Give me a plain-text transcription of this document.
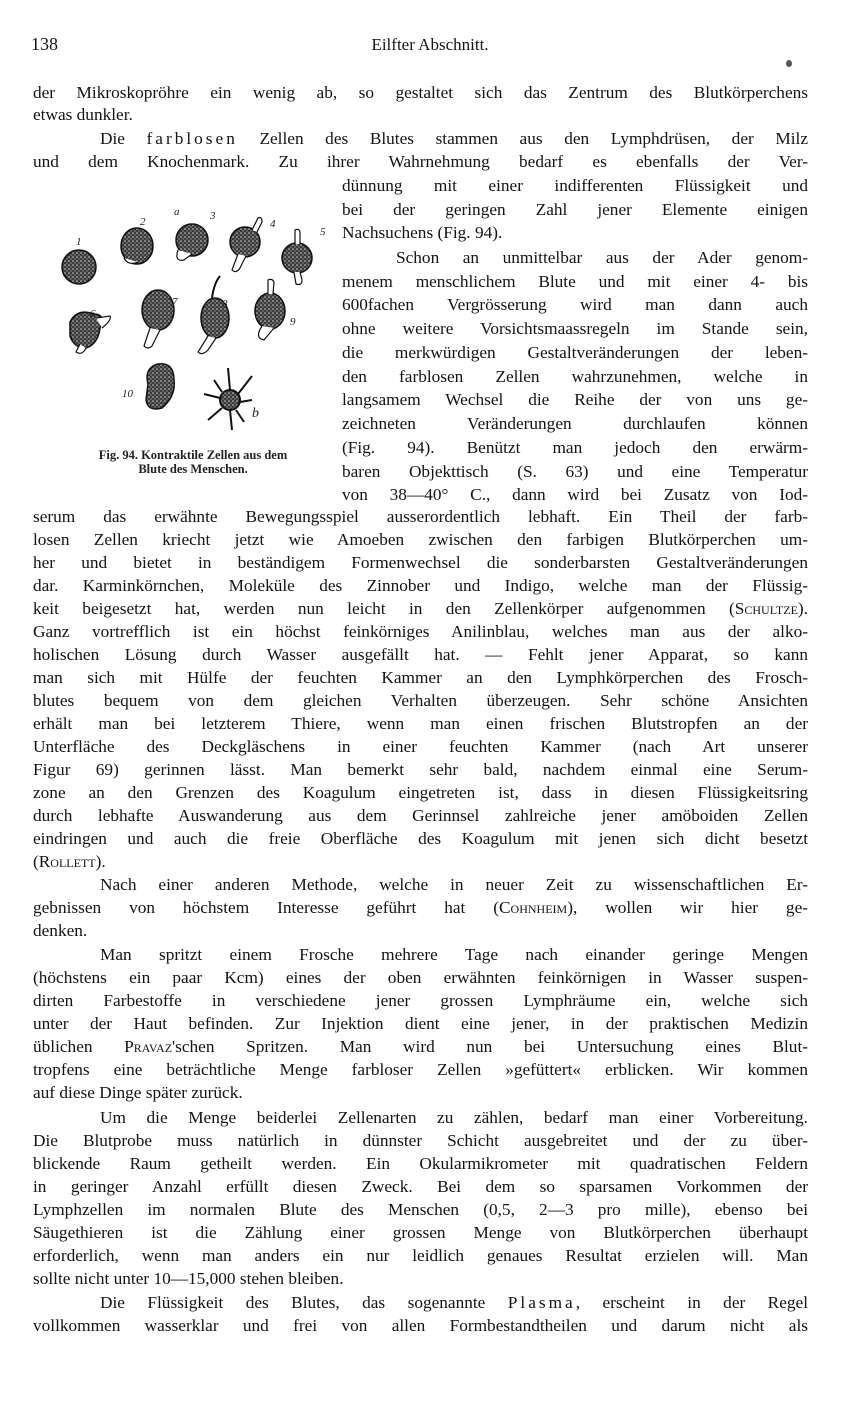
138	Eilfter Abschnitt.
der Mikroskopröhre ein wenig ab, so gestaltet sich das Zentrum des Blutkörperchens
etwas dunkler.
Die farblosen Zellen des Blutes stammen aus den Lymphdrüsen, der Milz
und dem Knochenmark. Zu ihrer Wahrnehmung bedarf es ebenfalls der Ver-
dünnung mit einer indifferenten Flüssigkeit und
bei der geringen Zahl jener Elemente einigen
Nachsuchens (Fig. 94).
Schon an unmittelbar aus der Ader genom-
menem menschlichem Blute und mit einer 4- bis
600fachen Vergrösserung wird man dann auch
ohne weitere Vorsichtsmaassregeln im Stande sein,
die merkwürdigen Gestaltveränderungen der leben-
den farblosen Zellen wahrzunehmen, welche in
langsamem Wechsel die Reihe der von uns ge-
zeichneten Veränderungen durchlaufen können
(Fig. 94). Benützt man jedoch den erwärm-
baren Objekttisch (S. 63) und eine Temperatur
von 38—40° C., dann wird bei Zusatz von Iod-
serum das erwähnte Bewegungsspiel ausserordentlich lebhaft. Ein Theil der farb-
losen Zellen kriecht jetzt wie Amoeben zwischen den farbigen Blutkörperchen um-
her und bietet in beständigem Formenwechsel die sonderbarsten Gestaltveränderungen
dar. Karminkörnchen, Moleküle des Zinnober und Indigo, welche man der Flüssig-
keit beigesetzt hat, werden nun leicht in den Zellenkörper aufgenommen (Schultze).
Ganz vortrefflich ist ein höchst feinkörniges Anilinblau, welches man aus der alko-
holischen Lösung durch Wasser ausgefällt hat. — Fehlt jener Apparat, so kann
man sich mit Hülfe der feuchten Kammer an den Lymphkörperchen des Frosch-
blutes bequem von dem gleichen Verhalten überzeugen. Sehr schöne Ansichten
erhält man bei letzterem Thiere, wenn man einen frischen Blutstropfen an der
Unterfläche des Deckgläschens in einer feuchten Kammer (nach Art unserer
Figur 69) gerinnen lässt. Man bemerkt sehr bald, nachdem einmal eine Serum-
zone an den Grenzen des Koagulum eingetreten ist, dass in diesen Flüssigkeitsring
durch lebhafte Auswanderung aus dem Gerinnsel zahlreiche jener amöboiden Zellen
eindringen und auch die freie Oberfläche des Koagulum mit jenen sich dicht besetzt
(Rollett).
Nach einer anderen Methode, welche in neuer Zeit zu wissenschaftlichen Er-
gebnissen von höchstem Interesse geführt hat (Cohnheim), wollen wir hier ge-
denken.
Man spritzt einem Frosche mehrere Tage nach einander geringe Mengen
(höchstens ein paar Kcm) eines der oben erwähnten feinkörnigen in Wasser suspen-
dirten Farbestoffe in verschiedene jener grossen Lymphräume ein, welche sich
unter der Haut befinden. Zur Injektion dient eine jener, in der praktischen Medizin
üblichen Pravaz'schen Spritzen. Man wird nun bei Untersuchung eines Blut-
tropfens eine beträchtliche Menge farbloser Zellen »gefüttert« erblicken. Wir kommen
auf diese Dinge später zurück.
Um die Menge beiderlei Zellenarten zu zählen, bedarf man einer Vorbereitung.
Die Blutprobe muss natürlich in dünnster Schicht ausgebreitet und der zu über-
blickende Raum getheilt werden. Ein Okularmikrometer mit quadratischen Feldern
in geringer Anzahl erfüllt diesen Zweck. Bei dem so sparsamen Vorkommen der
Lymphzellen im normalen Blute des Menschen (0,5, 2—3 pro mille), ebenso bei
Säugethieren ist die Zählung einer grossen Menge von Blutkörperchen überhaupt
erforderlich, wenn man anders ein nur leidlich genaues Resultat erzielen will. Man
sollte nicht unter 10—15,000 stehen bleiben.
Die Flüssigkeit des Blutes, das sogenannte Plasma, erscheint in der Regel
vollkommen wasserklar und frei von allen Formbestandtheilen und darum nicht als
1
2
a	3
4
5
6
7	8
9
10
b
Fig. 94. Kontraktile Zellen aus dem
Blute des Menschen.
